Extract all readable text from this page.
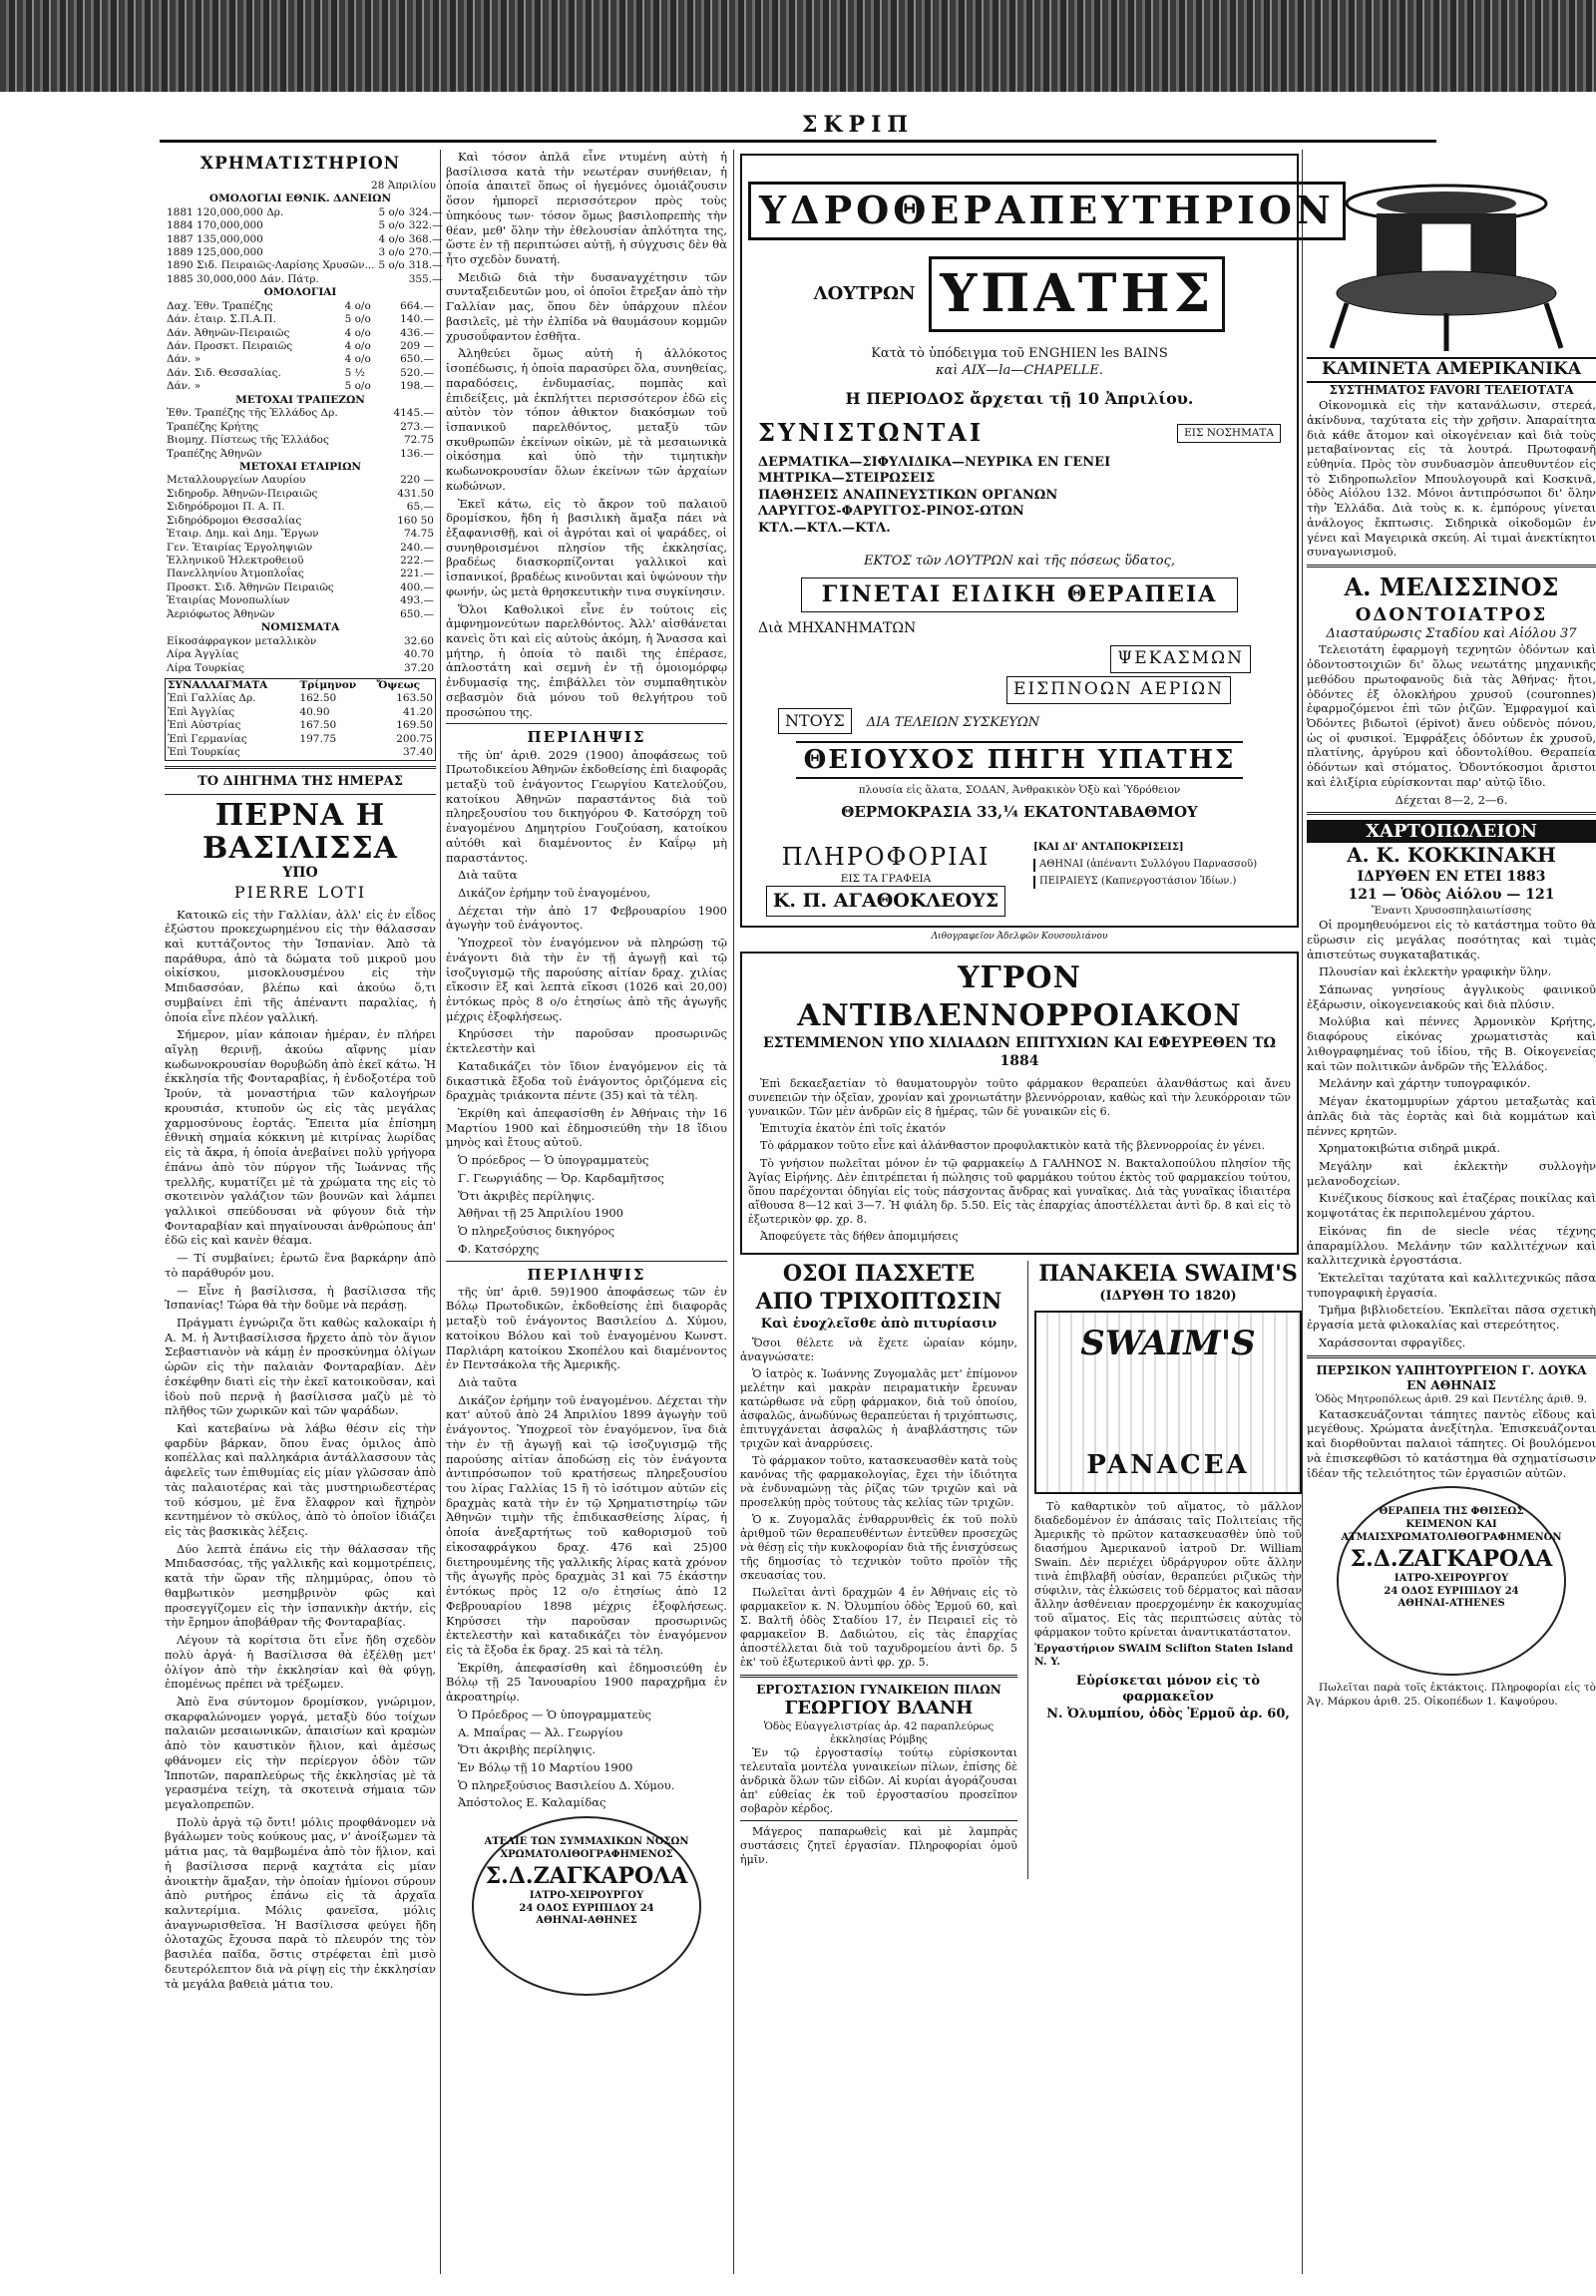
ΣΚΡΙΠ
ΧΡΗΜΑΤΙΣΤΗΡΙΟΝ
28 Ἀπριλίου
ΟΜΟΛΟΓΙΑΙ ΕΘΝΙΚ. ΔΑΝΕΙΩΝ
1881 120,000,000 Δρ.	5 ο/ο	324.—
1884 170,000,000	5 ο/ο	322.—
1887 135,000,000	4 ο/ο	368.—
1889 125,000,000	3 ο/ο	270.—
1890 Σιδ. Πειραιῶς-Λαρίσης Χρυσῶν...	5 ο/ο	318.—
1885 30,000,000 Δάν. Πάτρ.		355.—
ΟΜΟΛΟΓΙΑΙ
Δαχ. Ἐθν. Τραπέζης	4 ο/ο	664.—
Δάν. ἑταιρ. Σ.Π.Α.Π.	5 ο/ο	140.—
Δάν. Ἀθηνῶν-Πειραιῶς	4 ο/ο	436.—
Δάν. Προσκτ. Πειραιῶς	4 ο/ο	209 —
Δάν. »	4 ο/ο	650.—
Δάν. Σιδ. Θεσσαλίας.	5 ½	520.—
Δάν. »	5 ο/ο	198.—
ΜΕΤΟΧΑΙ ΤΡΑΠΕΖΩΝ
Ἐθν. Τραπέζης τῆς Ἑλλάδος Δρ.	4145.—
Τραπέζης Κρήτης	273.—
Βιομηχ. Πίστεως τῆς Ἑλλάδος	72.75
Τραπέζης Ἀθηνῶν	136.—
ΜΕΤΟΧΑΙ ΕΤΑΙΡΙΩΝ
Μεταλλουργείων Λαυρίου	220 —
Σιδηροδρ. Ἀθηνῶν-Πειραιῶς	431.50
Σιδηρόδρομοι Π. Α. Π.	65.—
Σιδηρόδρομοι Θεσσαλίας	160 50
Ἑταιρ. Δημ. καὶ Δημ. Ἔργων	74.75
Γεν. Ἑταιρίας Ἐργοληψιῶν	240.—
Ἑλληνικοῦ Ἠλεκτροθειοῦ	222.—
Πανελληνίου Ἀτμοπλοΐας	221.—
Προσκτ. Σιδ. Ἀθηνῶν Πειραιῶς	400.—
Ἑταιρίας Μονοπωλίων	493.—
Ἀεριόφωτος Ἀθηνῶν	650.—
ΝΟΜΙΣΜΑΤΑ
Εἰκοσάφραγκον μεταλλικὸν	32.60
Λίρα Ἀγγλίας	40.70
Λίρα Τουρκίας	37.20
ΣΥΝΑΛΛΑΓΜΑΤΑ	Τρίμηνον	Ὄψεως
Ἐπὶ Γαλλίας Δρ.	162.50	163.50
Ἐπὶ Ἀγγλίας	40.90	41.20
Ἐπὶ Αὐστρίας	167.50	169.50
Ἐπὶ Γερμανίας	197.75	200.75
Ἐπὶ Τουρκίας		37.40
ΤΟ ΔΙΗΓΗΜΑ ΤΗΣ ΗΜΕΡΑΣ
ΠΕΡΝΑ Η ΒΑΣΙΛΙΣΣΑ
ΥΠΟ
PIERRE LOTI

Κατοικῶ εἰς τὴν Γαλλίαν, ἀλλ' εἰς ἐν εἶδος ἐξώστου προκεχωρημένου εἰς τὴν θάλασσαν καὶ κυττάζοντος τὴν Ἱσπανίαν. Ἀπὸ τὰ παράθυρα, ἀπὸ τὰ δώματα τοῦ μικροῦ μου οἰκίσκου, μισοκλουσμένου εἰς τὴν Μπιδασσόαν, βλέπω καὶ ἀκούω ὅ,τι συμβαίνει ἐπὶ τῆς ἀπέναντι παραλίας, ἡ ὁποία εἶνε πλέον γαλλική.

Σήμερον, μίαν κάποιαν ἡμέραν, ἐν πλήρει αἴγλῃ θερινῇ, ἀκούω αἴφνης μίαν κωδωνοκρουσίαν θορυβώδη ἀπὸ ἐκεῖ κάτω. Ἡ ἐκκλησία τῆς Φονταραβίας, ἡ ἐνδοξοτέρα τοῦ Ἰρούν, τὰ μοναστήρια τῶν καλογήρων κρουσιάσ, κτυποῦν ὡς εἰς τὰς μεγάλας χαρμοσύνους ἑορτάς. Ἔπειτα μία ἐπίσημη ἐθνικὴ σημαία κόκκινη μὲ κιτρίνας λωρίδας εἰς τὰ ἄκρα, ἡ ὁποία ἀνεβαίνει πολὺ γρήγορα ἐπάνω ἀπὸ τὸν πύργον τῆς Ἰωάννας τῆς τρελλῆς, κυματίζει μὲ τὰ χρώματα της εἰς τὸ σκοτεινὸν γαλάζιον τῶν βουνῶν καὶ λάμπει γαλλικοὶ σπεύδουσαι νὰ φύγουν διὰ τὴν Φονταραβίαν καὶ πηγαίνουσαι ἀνθρώπους ἀπ' ἐδῶ εἰς καὶ κανὲν θέαμα.

— Τί συμβαίνει; ἐρωτῶ ἕνα βαρκάρην ἀπὸ τὸ παράθυρόν μου.

— Εἶνε ἡ βασίλισσα, ἡ βασίλισσα τῆς Ἱσπανίας! Τώρα θὰ τὴν δοῦμε νὰ περάσῃ.

Πράγματι ἐγνώριζα ὅτι καθὼς καλοκαίρι ἡ Α. Μ. ἡ Ἀντιβασίλισσα ἤρχετο ἀπὸ τὸν ἅγιον Σεβαστιανὸν νὰ κάμῃ ἐν προσκύνημα ὁλίγων ὡρῶν εἰς τὴν παλαιὰν Φονταραβίαν. Δὲν ἐσκέφθην διατὶ εἰς τὴν ἐκεῖ κατοικοῦσαν, καὶ ἰδοὺ ποῦ περνᾷ ἡ βασίλισσα μαζὺ μὲ τὸ πλῆθος τῶν χωρικῶν καὶ τῶν ψαράδων.

Καὶ κατεβαίνω νὰ λάβω θέσιν εἰς τὴν φαρδὺν βάρκαν, ὅπου ἕνας ὁμιλος ἀπὸ κοπέλλας καὶ παλληκάρια ἀντάλλασσουν τὰς ἀφελεῖς των ἐπιθυμίας εἰς μίαν γλῶσσαν ἀπὸ τὰς παλαιοτέρας καὶ τὰς μυστηριωδεστέρας τοῦ κόσμου, μὲ ἕνα ἔλαφρον καὶ ἤχηρὸν κεντημένον τὸ σκύλος, ἀπὸ τὸ ὁποῖον ἰδιάζει εἰς τὰς βασκικὰς λέξεις.

Δύο λεπτὰ ἐπάνω εἰς τὴν θάλασσαν τῆς Μπιδασσόας, τῆς γαλλικῆς καὶ κομμοτρέπεις, κατὰ τὴν ὥραν τῆς πλημμύρας, ὁπου τὸ θαμβωτικὸν μεσημβρινὸν φῶς καὶ προσεγγίζομεν εἰς τὴν ἱσπανικὴν ἀκτήν, εἰς τὴν ἔρημον ἀποβάθραν τῆς Φονταραβίας.

Λέγουν τὰ κορίτσια ὅτι εἶνε ἤδη σχεδὸν πολὺ ἀργά· ἡ Βασίλισσα θὰ ἐξέλθῃ μετ' ὀλίγον ἀπὸ τὴν ἐκκλησίαν καὶ θὰ φύγῃ, ἐπομένως πρέπει νὰ τρέξωμεν.

Ἀπὸ ἕνα σύντομον δρομίσκον, γνώριμον, σκαρφαλώνομεν γοργά, μεταξὺ δύο τοίχων παλαιῶν μεσαιωνικῶν, ἀπαισίων καὶ κραμὼν ἀπὸ τὸν καυστικὸν ἥλιον, καὶ ἀμέσως φθάνομεν εἰς τὴν περίεργον ὁδὸν τῶν Ἱπποτῶν, παραπλεύρως τῆς ἐκκλησίας μὲ τὰ γερασμένα τείχη, τὰ σκοτεινὰ σήμαια τῶν μεγαλοπρεπῶν.

Πολὺ ἀργὰ τῷ ὄντι! μόλις προφθάνομεν νὰ βγάλωμεν τοὺς κούκους μας, ν' ἀνοίξωμεν τὰ μάτια μας, τὰ θαμβωμένα ἀπὸ τὸν ἥλιον, καὶ ἡ βασίλισσα περνᾷ καχτάτα εἰς μίαν ἀνοικτὴν ἅμαξαν, τὴν ὁποίαν ἠμίονοι σύρουν ἀπὸ ρυτήρος ἐπάνω εἰς τὰ ἀρχαῖα καλντερίμια. Μόλις φανεῖσα, μόλις ἀναγνωρισθεῖσα. Ἡ Βασίλισσα φεύγει ἤδη ὁλοταχῶς ἔχουσα παρὰ τὸ πλευρόν της τὸν βασιλέα παῖδα, ὅστις στρέφεται ἐπὶ μισὸ δευτερόλεπτον διὰ νὰ ρίψῃ εἰς τὴν ἐκκλησίαν τὰ μεγάλα βαθειὰ μάτια του.

Καὶ τόσον ἁπλᾶ εἶνε ντυμένη αὐτὴ ἡ βασίλισσα κατὰ τὴν νεωτέραν συνήθειαν, ἡ ὁποία ἀπαιτεῖ ὅπως οἱ ἡγεμόνες ὁμοιάζουσιν ὅσον ἠμπορεῖ περισσότερον πρὸς τοὺς ὑπηκόους των· τόσον ὅμως βασιλοπρεπὴς τὴν θέαν, μεθ' ὅλην τὴν ἐθελουσίαν ἁπλότητα της, ὥστε ἐν τῇ περιπτώσει αὐτῇ, ἡ σύγχυσις δὲν θὰ ἦτο σχεδὸν δυνατή.

Μειδιῶ διὰ τὴν δυσαναγχέτησιν τῶν συνταξειδευτῶν μου, οἱ ὁποῖοι ἔτρεξαν ἀπὸ τὴν Γαλλίαν μας, ὅπου δὲν ὑπάρχουν πλέον βασιλεῖς, μὲ τὴν ἐλπίδα νὰ θαυμάσουν κομμῶν χρυσοΰφαντον ἐσθῆτα.

Ἀληθεύει ὅμως αὐτὴ ἡ ἀλλόκοτος ἰσοπέδωσις, ἡ ὁποία παρασύρει ὅλα, συνηθείας, παραδόσεις, ἐνδυμασίας, πομπὰς καὶ ἐπιδείξεις, μὰ ἐκπλήττει περισσότερον ἐδῶ εἰς αὐτὸν τὸν τόπον ἀθικτον διακόσμων τοῦ ἱσπανικοῦ παρελθόντος, μεταξὺ τῶν σκυθρωπῶν ἐκείνων οἰκῶν, μὲ τὰ μεσαιωνικὰ οἰκόσημα καὶ ὑπὸ τὴν τιμητικὴν κωδωνοκρουσίαν ὅλων ἐκείνων τῶν ἀρχαίων κωδώνων.

Ἐκεῖ κάτω, εἰς τὸ ἄκρον τοῦ παλαιοῦ δρομίσκου, ἤδη ἡ βασιλικὴ ἅμαξα πάει νὰ ἐξαφανισθῇ, καὶ οἱ ἀγρόται καὶ οἱ ψαράδες, οἱ συνηθροισμένοι πλησίον τῆς ἐκκλησίας, βραδέως διασκορπίζονται γαλλικοὶ καὶ ἱσπανικοί, βραδέως κινοῦνται καὶ ὑψώνουν τὴν φωνήν, ὡς μετὰ θρησκευτικὴν τινα συγκίνησιν.

Ὅλοι Καθολικοὶ εἶνε ἐν τούτοις εἰς ἀμφνημονεύτων παρελθόντος. Ἀλλ' αἰσθάνεται κανεὶς ὅτι καὶ εἰς αὐτοὺς ἀκόμη, ἡ Ἄνασσα καὶ μήτηρ, ἡ ὁποία τὸ παιδὶ της ἐπέρασε, ἀπλοστάτη καὶ σεμνὴ ἐν τῇ ὁμοιομόρφῳ ἐνδυμασίᾳ της, ἐπιβάλλει τὸν συμπαθητικὸν σεβασμὸν διὰ μόνου τοῦ θελγήτρου τοῦ προσώπου της.

ΠΕΡΙΛΗΨΙΣ

τῆς ὑπ' ἀριθ. 2029 (1900) ἀποφάσεως τοῦ Πρωτοδικείου Ἀθηνῶν ἐκδοθείσης ἐπὶ διαφορᾶς μεταξὺ τοῦ ἐνάγοντος Γεωργίου Κατελούζου, κατοίκου Ἀθηνῶν παραστάντος διὰ τοῦ πληρεξουσίου του δικηγόρου Φ. Κατσόρχη τοῦ ἐναγομένου Δημητρίου Γουζούαση, κατοίκου αὐτόθι καὶ διαμένοντος ἐν Καΐρῳ μὴ παραστάντος.

Διὰ ταῦτα

Δικάζον ἐρήμην τοῦ ἐναγομένου,

Δέχεται τὴν ἀπὸ 17 Φεβρουαρίου 1900 ἀγωγὴν τοῦ ἐνάγοντος.

Ὑποχρεοῖ τὸν ἐναγόμενον νὰ πληρώσῃ τῷ ἐνάγοντι διὰ τὴν ἐν τῇ ἀγωγῇ καὶ τῷ ἰσοζυγισμῷ τῆς παρούσης αἰτίαν δραχ. χιλίας εἴκοσιν ἓξ καὶ λεπτὰ εἴκοσι (1026 καὶ 20,00) ἐντόκως πρὸς 8 ο/ο ἐτησίως ἀπὸ τῆς ἀγωγῆς μέχρις ἐξοφλήσεως.

Κηρύσσει τὴν παροῦσαν προσωρινῶς ἐκτελεστὴν καὶ

Καταδικάζει τὸν ἴδιον ἐναγόμενον εἰς τὰ δικαστικὰ ἔξοδα τοῦ ἐνάγοντος ὁριζόμενα εἰς δραχμὰς τριάκοντα πέντε (35) καὶ τὰ τέλη.

Ἐκρίθη καὶ ἀπεφασίσθη ἐν Ἀθήναις τὴν 16 Μαρτίου 1900 καὶ ἐδημοσιεύθη τὴν 18 ἴδιου μηνὸς καὶ ἔτους αὐτοῦ.

Ὁ πρόεδρος — Ὁ ὑπογραμματεὺς

Γ. Γεωργιάδης — Ὀρ. Καρδαμῆτσος

Ὅτι ἀκριβὲς περίληψις.

Ἀθῆναι τῇ 25 Ἀπριλίου 1900

Ὁ πληρεξούσιος δικηγόρος

Φ. Κατσόρχης

ΠΕΡΙΛΗΨΙΣ

τῆς ὑπ' ἀριθ. 59)1900 ἀποφάσεως τῶν ἐν Βόλῳ Πρωτοδικῶν, ἐκδοθείσης ἐπὶ διαφορᾶς μεταξὺ τοῦ ἐνάγοντος Βασιλείου Δ. Χύμου, κατοίκου Βόλου καὶ τοῦ ἐναγομένου Κωνστ. Παρλιάρη κατοίκου Σκοπέλου καὶ διαμένοντος ἐν Πεντσάκολα τῆς Ἀμερικῆς.

Διὰ ταῦτα

Δικάζον ἐρήμην τοῦ ἐναγομένου. Δέχεται τὴν κατ' αὐτοῦ ἀπὸ 24 Ἀπριλίου 1899 ἀγωγὴν τοῦ ἐνάγοντος. Ὑποχρεοῖ τὸν ἐναγόμενον, ἵνα διὰ τὴν ἐν τῇ ἀγωγῇ καὶ τῷ ἰσοζυγισμῷ τῆς παρούσης αἰτίαν ἀποδώσῃ εἰς τὸν ἐνάγοντα ἀντιπρόσωπον τοῦ κρατήσεως πληρεξουσίου του λίρας Γαλλίας 15 ἢ τὸ ἰσότιμον αὐτῶν εἰς δραχμὰς κατὰ τὴν ἐν τῷ Χρηματιστηρίῳ τῶν Ἀθηνῶν τιμὴν τῆς ἐπιδικασθείσης λίρας, ἡ ὁποία ἀνεξαρτήτως τοῦ καθορισμοῦ τοῦ εἰκοσαφράγκου δραχ. 476 καὶ 25)00 διετηρουμένης τῆς γαλλικῆς λίρας κατὰ χρόνον τῆς ἀγωγῆς πρὸς δραχμὰς 31 καὶ 75 ἑκάστην ἐντόκως πρὸς 12 ο/ο ἐτησίως ἀπὸ 12 Φεβρουαρίου 1898 μέχρις ἐξοφλήσεως. Κηρύσσει τὴν παροῦσαν προσωρινῶς ἐκτελεστὴν καὶ καταδικάζει τὸν ἐναγόμενον εἰς τὰ ἔξοδα ἐκ δραχ. 25 καὶ τὰ τέλη.

Ἐκρίθη, ἀπεφασίσθη καὶ ἐδημοσιεύθη ἐν Βόλῳ τῇ 25 Ἰανουαρίου 1900 παραχρῆμα ἐν ἀκροατηρίῳ.

Ὁ Πρόεδρος — Ὁ ὑπογραμματεὺς

Α. Μπαΐρας — Ἀλ. Γεωργίου

Ὅτι ἀκριβὴς περίληψις.

Ἐν Βόλῳ τῇ 10 Μαρτίου 1900

Ὁ πληρεξούσιος Βασιλείου Δ. Χύμου.

Ἀπόστολος Ε. Καλαμίδας

ΑΤΕΛΙΕ ΤΩΝ ΣΥΜΜΑΧΙΚΩΝ ΝΟΣΩΝ
ΧΡΩΜΑΤΟΛΙΘΟΓΡΑΦΗΜΕΝΟΣ
Σ.Δ.ΖΑΓΚΑΡΟΛΑ
ΙΑΤΡΟ-ΧΕΙΡΟΥΡΓΟΥ
24 ΟΔΟΣ ΕΥΡΙΠΙΔΟΥ 24
ΑΘΗΝΑΙ-ΑΘΗΝΕΣ
ΥΔΡΟΘΕΡΑΠΕΥΤΗΡΙΟΝ
ΛΟΥΤΡΩΝ ΥΠΑΤΗΣ
Κατὰ τὸ ὑπόδειγμα τοῦ ENGHIEN les BAINS
καὶ AIX—la—CHAPELLE.
Η ΠΕΡΙΟΔΟΣ ἄρχεται τῇ 10 Ἀπριλίου.
ΣΥΝΙΣΤΩΝΤΑΙ	ΕΙΣ ΝΟΣΗΜΑΤΑ
ΔΕΡΜΑΤΙΚΑ—ΣΙΦΥΛΙΔΙΚΑ—ΝΕΥΡΙΚΑ ΕΝ ΓΕΝΕΙ
ΜΗΤΡΙΚΑ—ΣΤΕΙΡΩΣΕΙΣ
ΠΑΘΗΣΕΙΣ ΑΝΑΠΝΕΥΣΤΙΚΩΝ ΟΡΓΑΝΩΝ
ΛΑΡΥΓΓΟΣ-ΦΑΡΥΓΓΟΣ-ΡΙΝΟΣ-ΩΤΩΝ
ΚΤΛ.—ΚΤΛ.—ΚΤΛ.
ΕΚΤΟΣ τῶν ΛΟΥΤΡΩΝ καὶ τῆς πόσεως ὕδατος,
ΓΙΝΕΤΑΙ ΕΙΔΙΚΗ ΘΕΡΑΠΕΙΑ
Διὰ ΜΗΧΑΝΗΜΑΤΩΝ
ΨΕΚΑΣΜΩΝ
ΕΙΣΠΝΟΩΝ ΑΕΡΙΩΝ
ΝΤΟΥΣ ΔΙΑ ΤΕΛΕΙΩΝ ΣΥΣΚΕΥΩΝ
ΘΕΙΟΥΧΟΣ ΠΗΓΗ ΥΠΑΤΗΣ
πλουσία εἰς ἅλατα, ΣΟΔΑΝ, Ἀνθρακικὸν Ὀξὺ καὶ Ὑδρόθειον
ΘΕΡΜΟΚΡΑΣΙΑ 33,¼ ΕΚΑΤΟΝΤΑΒΑΘΜΟΥ
ΠΛΗΡΟΦΟΡΙΑΙ
ΕΙΣ ΤΑ ΓΡΑΦΕΙΑ
Κ. Π. ΑΓΑΘΟΚΛΕΟΥΣ
[ΚΑΙ ΔΙ' ΑΝΤΑΠΟΚΡΙΣΕΙΣ]
ΑΘΗΝΑΙ (ἀπέναντι Συλλόγου Παρνασσοῦ)
ΠΕΙΡΑΙΕΥΣ (Καπνεργοστάσιον Ἰδίων.)
Λιθογραφεῖον Ἀδελφῶν Κουσουλιάνου
ΥΓΡΟΝ ΑΝΤΙΒΛΕΝΝΟΡΡΟΙΑΚΟΝ
ΕΣΤΕΜΜΕΝΟΝ ΥΠΟ ΧΙΛΙΑΔΩΝ ΕΠΙΤΥΧΙΩΝ ΚΑΙ ΕΦΕΥΡΕΘΕΝ ΤΩ 1884

Ἐπὶ δεκαεξαετίαν τὸ θαυματουργὸν τοῦτο φάρμακον θεραπεύει ἀλανθάστως καὶ ἄνευ συνεπειῶν τὴν ὀξεῖαν, χρονίαν καὶ χρονιωτάτην βλεννόρροιαν, καθὼς καὶ τὴν λευκόρροιαν τῶν γυναικῶν. Τῶν μὲν ἀνδρῶν εἰς 8 ἡμέρας, τῶν δὲ γυναικῶν εἰς 6.

Ἐπιτυχία ἐκατὸν ἐπὶ τοῖς ἑκατόν

Τὸ φάρμακον τοῦτο εἶνε καὶ ἀλάνθαστον προφυλακτικὸν κατὰ τῆς βλεννορροίας ἐν γένει.

Τὸ γνήσιον πωλεῖται μόνον ἐν τῷ φαρμακείῳ Δ ΓΑΛΗΝΟΣ Ν. Βακταλοπούλου πλησίον τῆς Ἁγίας Εἰρήνης. Δὲν ἐπιτρέπεται ἡ πώλησις τοῦ φαρμάκου τούτου ἐκτὸς τοῦ φαρμακείου τούτου, ὅπου παρέχονται ὁδηγίαι εἰς τοὺς πάσχοντας ἄνδρας καὶ γυναῖκας. Διὰ τὰς γυναῖκας ἰδιαιτέρα αἴθουσα 8—12 καὶ 3—7. Ἡ φιάλη δρ. 5.50. Εἰς τὰς ἐπαρχίας ἀποστέλλεται ἀντὶ δρ. 8 καὶ εἰς τὸ ἐξωτερικὸν φρ. χρ. 8.

Ἀποφεύγετε τὰς δήθεν ἀπομιμήσεις

ΟΣΟΙ ΠΑΣΧΕΤΕ
ΑΠΟ ΤΡΙΧΟΠΤΩΣΙΝ
Καὶ ἐνοχλεῖσθε ἀπὸ πιτυρίασιν

Ὅσοι θέλετε νὰ ἔχετε ὡραίαν κόμην, ἀναγνώσατε:

Ὁ ἰατρὸς κ. Ἰωάννης Ζυγομαλᾶς μετ' ἐπίμονον μελέτην καὶ μακρὰν πειραματικὴν ἔρευναν κατώρθωσε νὰ εὕρῃ φάρμακον, διὰ τοῦ ὁποίου, ἀσφαλῶς, ἀνωδύνως θεραπεύεται ἡ τριχόπτωσις, ἐπιτυγχάνεται ἀσφαλῶς ἡ ἀναβλάστησις τῶν τριχῶν καὶ ἀναρρύσεις.

Τὸ φάρμακον τοῦτο, κατασκευασθὲν κατὰ τοὺς κανόνας τῆς φαρμακολογίας, ἔχει τὴν ἰδιότητα νὰ ἐνδυναμώνῃ τὰς ῥίζας τῶν τριχῶν καὶ νὰ προσελκύῃ πρὸς τούτους τὰς κελίας τῶν τριχῶν.

Ὁ κ. Ζυγομαλᾶς ἐνθαρρυνθεὶς ἐκ τοῦ πολὺ ἀριθμοῦ τῶν θεραπευθέντων ἐντεῦθεν προσεχῶς νὰ θέσῃ εἰς τὴν κυκλοφορίαν διὰ τῆς ἐνισχύσεως τῆς δημοσίας τὸ τεχνικὸν τοῦτο προϊὸν τῆς σκευασίας του.

Πωλεῖται ἀντὶ δραχμῶν 4 ἐν Ἀθήναις εἰς τὸ φαρμακεῖον κ. Ν. Ὀλυμπίου ὁδὸς Ἑρμοῦ 60, καὶ Σ. Βαλτῆ ὁδὸς Σταδίου 17, ἐν Πειραιεῖ εἰς τὸ φαρμακεῖον Β. Δαδιώτου, εἰς τὰς ἐπαρχίας ἀποστέλλεται διὰ τοῦ ταχυδρομείου ἀντὶ δρ. 5 ἐκ' τοῦ ἐξωτερικοῦ ἀντὶ φρ. χρ. 5.

ΕΡΓΟΣΤΑΣΙΟΝ ΓΥΝΑΙΚΕΙΩΝ ΠΙΛΩΝ
ΓΕΩΡΓΙΟΥ ΒΛΑΝΗ
Ὁδὸς Εὐαγγελιστρίας ἀρ. 42 παραπλεύρως ἐκκλησίας Ρόμβης

Ἐν τῷ ἐργοστασίῳ τούτῳ εὑρίσκονται τελευταῖα μοντέλα γυναικείων πίλων, ἐπίσης δὲ ἀνδρικὰ ὅλων τῶν εἰδῶν. Αἱ κυρίαι ἀγοράζουσαι ἀπ' εὐθείας ἐκ τοῦ ἐργοστασίου προσεῖπον σοβαρὸν κέρδος.

Μάγερος παπαρωθεὶς καὶ μὲ λαμπρὰς συστάσεις ζητεῖ ἐργασίαν. Πληροφορίαι ὁμοῦ ἡμῖν.

ΠΑΝΑΚΕΙΑ SWAIM'S
(ΙΔΡΥΘΗ ΤΟ 1820)
SWAIM'S
PANACEA

Τὸ καθαρτικὸν τοῦ αἵματος, τὸ μᾶλλον διαδεδομένον ἐν ἁπάσαις ταῖς Πολιτείαις τῆς Ἀμερικῆς τὸ πρῶτον κατασκευασθὲν ὑπὸ τοῦ διασήμου Ἀμερικανοῦ ἰατροῦ Dr. William Swain. Δὲν περιέχει ὑδράργυρον οὔτε ἄλλην τινὰ ἐπιβλαβῆ οὐσίαν, θεραπεύει ριζικῶς τὴν σύφιλιν, τὰς ἑλκώσεις τοῦ δέρματος καὶ πᾶσαν ἄλλην ἀσθένειαν προερχομένην ἐκ κακοχυμίας τοῦ αἵματος. Εἰς τὰς περιπτώσεις αὐτὰς τὸ φάρμακον τοῦτο κρίνεται ἀναντικατάστατον.

Ἐργαστήριον SWAIM Sclifton Staten Island N. Y.
Εὑρίσκεται μόνον εἰς τὸ φαρμακεῖον
Ν. Ὀλυμπίου, ὁδὸς Ἑρμοῦ ἀρ. 60,
ΚΑΜΙΝΕΤΑ ΑΜΕΡΙΚΑΝΙΚΑ
ΣΥΣΤΗΜΑΤΟΣ FAVORI ΤΕΛΕΙΟΤΑΤΑ

Οἰκονομικὰ εἰς τὴν κατανάλωσιν, στερεά, ἀκίνδυνα, ταχύτατα εἰς τὴν χρῆσιν. Ἀπαραίτητα διὰ κάθε ἄτομον καὶ οἰκογένειαν καὶ διὰ τοὺς μεταβαίνοντας εἰς τὰ λουτρά. Πρωτοφανῆ εὐθηνία. Πρὸς τὸν συνδυασμὸν ἀπευθυντέον εἰς τὸ Σιδηροπωλεῖον Μπουλογουρᾶ καὶ Κοσκινᾶ, ὁδὸς Αἰόλου 132. Μόνοι ἀντιπρόσωποι δι' ὅλην τὴν Ἑλλάδα. Διὰ τοὺς κ. κ. ἐμπόρους γίνεται ἀνάλογος ἔκπτωσις. Σιδηρικὰ οἰκοδομῶν ἐν γένει καὶ Μαγειρικὰ σκεύη. Αἱ τιμαὶ ἀνεκτίκητοι συναγωνισμοῦ.

Α. ΜΕΛΙΣΣΙΝΟΣ
ΟΔΟΝΤΟΙΑΤΡΟΣ
Διασταύρωσις Σταδίου καὶ Αἰόλου 37

Τελειοτάτη ἐφαρμογὴ τεχνητῶν ὀδόντων καὶ ὀδοντοστοιχιῶν δι' ὅλως νεωτάτης μηχανικῆς μεθόδου πρωτοφανοῦς διὰ τὰς Ἀθήνας· ἤτοι, ὀδόντες ἐξ ὁλοκλήρου χρυσοῦ (couronnes) ἐφαρμοζόμενοι ἐπὶ τῶν ῥιζῶν. Ἐμφραγμοί καὶ Ὀδόντες βιδωτοὶ (épivot) ἄνευ οὐδενὸς πόνου, ὡς οἱ φυσικοί. Ἐμφράξεις ὀδόντων ἐκ χρυσοῦ, πλατίνης, ἀργύρου καὶ ὀδοντολίθου. Θεραπεία ὀδόντων καὶ στόματος. Ὀδοντόκοσμοι ἄριστοι καὶ ἐλιξίρια εὑρίσκονται παρ' αὐτῷ ἴδιο.

Δέχεται 8—2, 2—6.
ΧΑΡΤΟΠΩΛΕΙΟΝ
Α. Κ. ΚΟΚΚΙΝΑΚΗ
ΙΔΡΥΘΕΝ ΕΝ ΕΤΕΙ 1883
121 — Ὁδὸς Αἰόλου — 121
Ἔναντι Χρυσοσπηλαιωτίσσης

Οἱ προμηθευόμενοι εἰς τὸ κατάστημα τοῦτο θὰ εὕρωσιν εἰς μεγάλας ποσότητας καὶ τιμὰς ἀπιστεύτως συγκαταβατικάς.

Πλουσίαν καὶ ἐκλεκτὴν γραφικὴν ὕλην.

Σάπωνας γνησίους ἀγγλικοὺς φαινικοῦ ἐξάρωσιν, οἰκογενειακούς καὶ διὰ πλύσιν.

Μολύβια καὶ πέννες Ἀρμονικὸν Κρήτης, διαφόρους εἰκόνας χρωματιστὰς καὶ λιθογραφημένας τοῦ ἰδίου, τῆς Β. Οἰκογενείας καὶ τῶν πολιτικῶν ἀνδρῶν τῆς Ἑλλάδος.

Μελάνην καὶ χάρτην τυπογραφικόν.

Μέγαν ἐκατομμυρίων χάρτου μεταξωτὰς καὶ ἁπλᾶς διὰ τὰς ἑορτὰς καὶ διὰ κομμάτων καὶ πέννες κρητῶν.

Χρηματοκιβώτια σιδηρᾶ μικρά.

Μεγάλην καὶ ἐκλεκτὴν συλλογὴν μελανοδοχείων.

Κινέζικους δίσκους καὶ ἐταζέρας ποικίλας καὶ κομψοτάτας ἐκ περιπολεμένου χάρτου.

Εἰκόνας fin de siecle νέας τέχνης ἀπαραμίλλου. Μελάνην τῶν καλλιτέχνων καὶ καλλιτεχνικὰ ἐργοστάσια.

Ἐκτελεῖται ταχύτατα καὶ καλλιτεχνικῶς πᾶσα τυπογραφικὴ ἐργασία.

Τμῆμα βιβλιοδετείου. Ἐκπλεῖται πᾶσα σχετικὴ ἐργασία μετὰ φιλοκαλίας καὶ στερεότητος.

Χαράσσονται σφραγῖδες.

ΠΕΡΣΙΚΟΝ ΥΑΠΗΤΟΥΡΓΕΙΟΝ Γ. ΔΟΥΚΑ
ΕΝ ΑΘΗΝΑΙΣ
Ὁδὸς Μητροπόλεως ἀριθ. 29 καὶ Πεντέλης ἀριθ. 9.

Κατασκευάζονται τάπητες παντὸς εἴδους καὶ μεγέθους. Χρώματα ἀνεξίτηλα. Ἐπισκευάζονται καὶ διορθοῦνται παλαιοὶ τάπητες. Οἱ βουλόμενοι νὰ ἐπισκεφθῶσι τὸ κατάστημα θὰ σχηματίσωσιν ἰδέαν τῆς τελειότητος τῶν ἐργασιῶν αὐτῶν.

ΘΕΡΑΠΕΙΑ ΤΗΣ ΦΘΙΣΕΩΣ
ΚΕΙΜΕΝΟΝ ΚΑΙ
ΑΤΜΑΙΣΧΡΩΜΑΤΟΛΙΘΟΓΡΑΦΗΜΕΝΟΝ
Σ.Δ.ΖΑΓΚΑΡΟΛΑ
ΙΑΤΡΟ-ΧΕΙΡΟΥΡΓΟΥ
24 ΟΔΟΣ ΕΥΡΙΠΙΔΟΥ 24
ΑΘΗΝΑΙ-ATHENES

Πωλεῖται παρὰ τοῖς ἐκτάκτοις. Πληροφορίαι εἰς τὸ Ἀγ. Μάρκου ἀριθ. 25. Οἰκοπέδων 1. Καψούρου.
